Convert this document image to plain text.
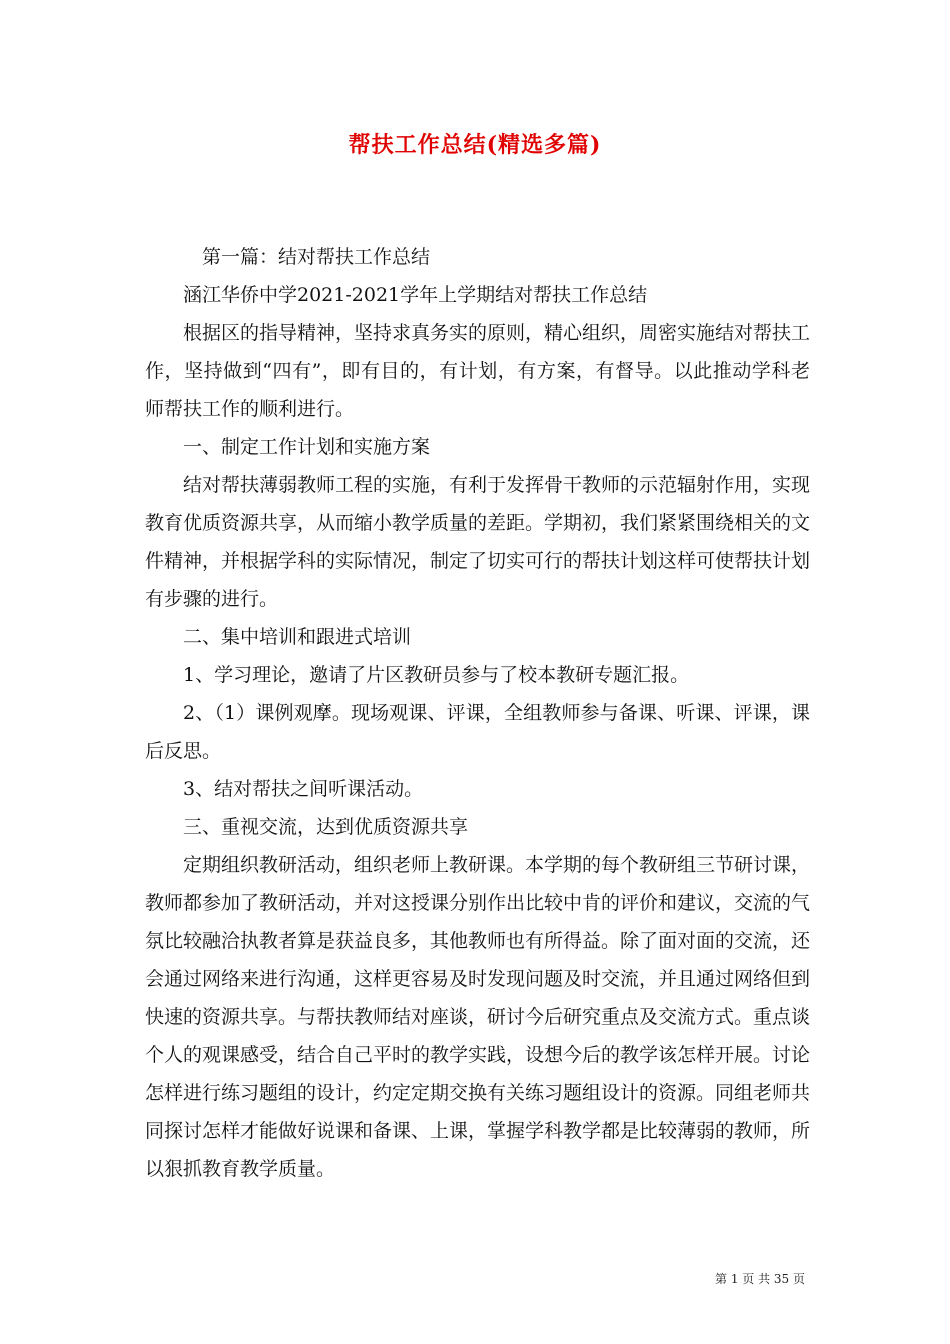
帮扶工作总结(精选多篇)

第一篇：结对帮扶工作总结

涵江华侨中学2021-2021学年上学期结对帮扶工作总结

根据区的指导精神，坚持求真务实的原则，精心组织，周密实施结对帮扶工作，坚持做到“四有”，即有目的，有计划，有方案，有督导。以此推动学科老师帮扶工作的顺利进行。

一、制定工作计划和实施方案

结对帮扶薄弱教师工程的实施，有利于发挥骨干教师的示范辐射作用，实现教育优质资源共享，从而缩小教学质量的差距。学期初，我们紧紧围绕相关的文件精神，并根据学科的实际情况，制定了切实可行的帮扶计划这样可使帮扶计划有步骤的进行。

二、集中培训和跟进式培训

1、学习理论，邀请了片区教研员参与了校本教研专题汇报。

2、（1）课例观摩。现场观课、评课，全组教师参与备课、听课、评课，课后反思。

3、结对帮扶之间听课活动。

三、重视交流，达到优质资源共享

定期组织教研活动，组织老师上教研课。本学期的每个教研组三节研讨课，教师都参加了教研活动，并对这授课分别作出比较中肯的评价和建议，交流的气氛比较融洽执教者算是获益良多，其他教师也有所得益。除了面对面的交流，还会通过网络来进行沟通，这样更容易及时发现问题及时交流，并且通过网络但到快速的资源共享。与帮扶教师结对座谈，研讨今后研究重点及交流方式。重点谈个人的观课感受，结合自己平时的教学实践，设想今后的教学该怎样开展。讨论怎样进行练习题组的设计，约定定期交换有关练习题组设计的资源。同组老师共同探讨怎样才能做好说课和备课、上课，掌握学科教学都是比较薄弱的教师，所以狠抓教育教学质量。

第 1 页 共 35 页
